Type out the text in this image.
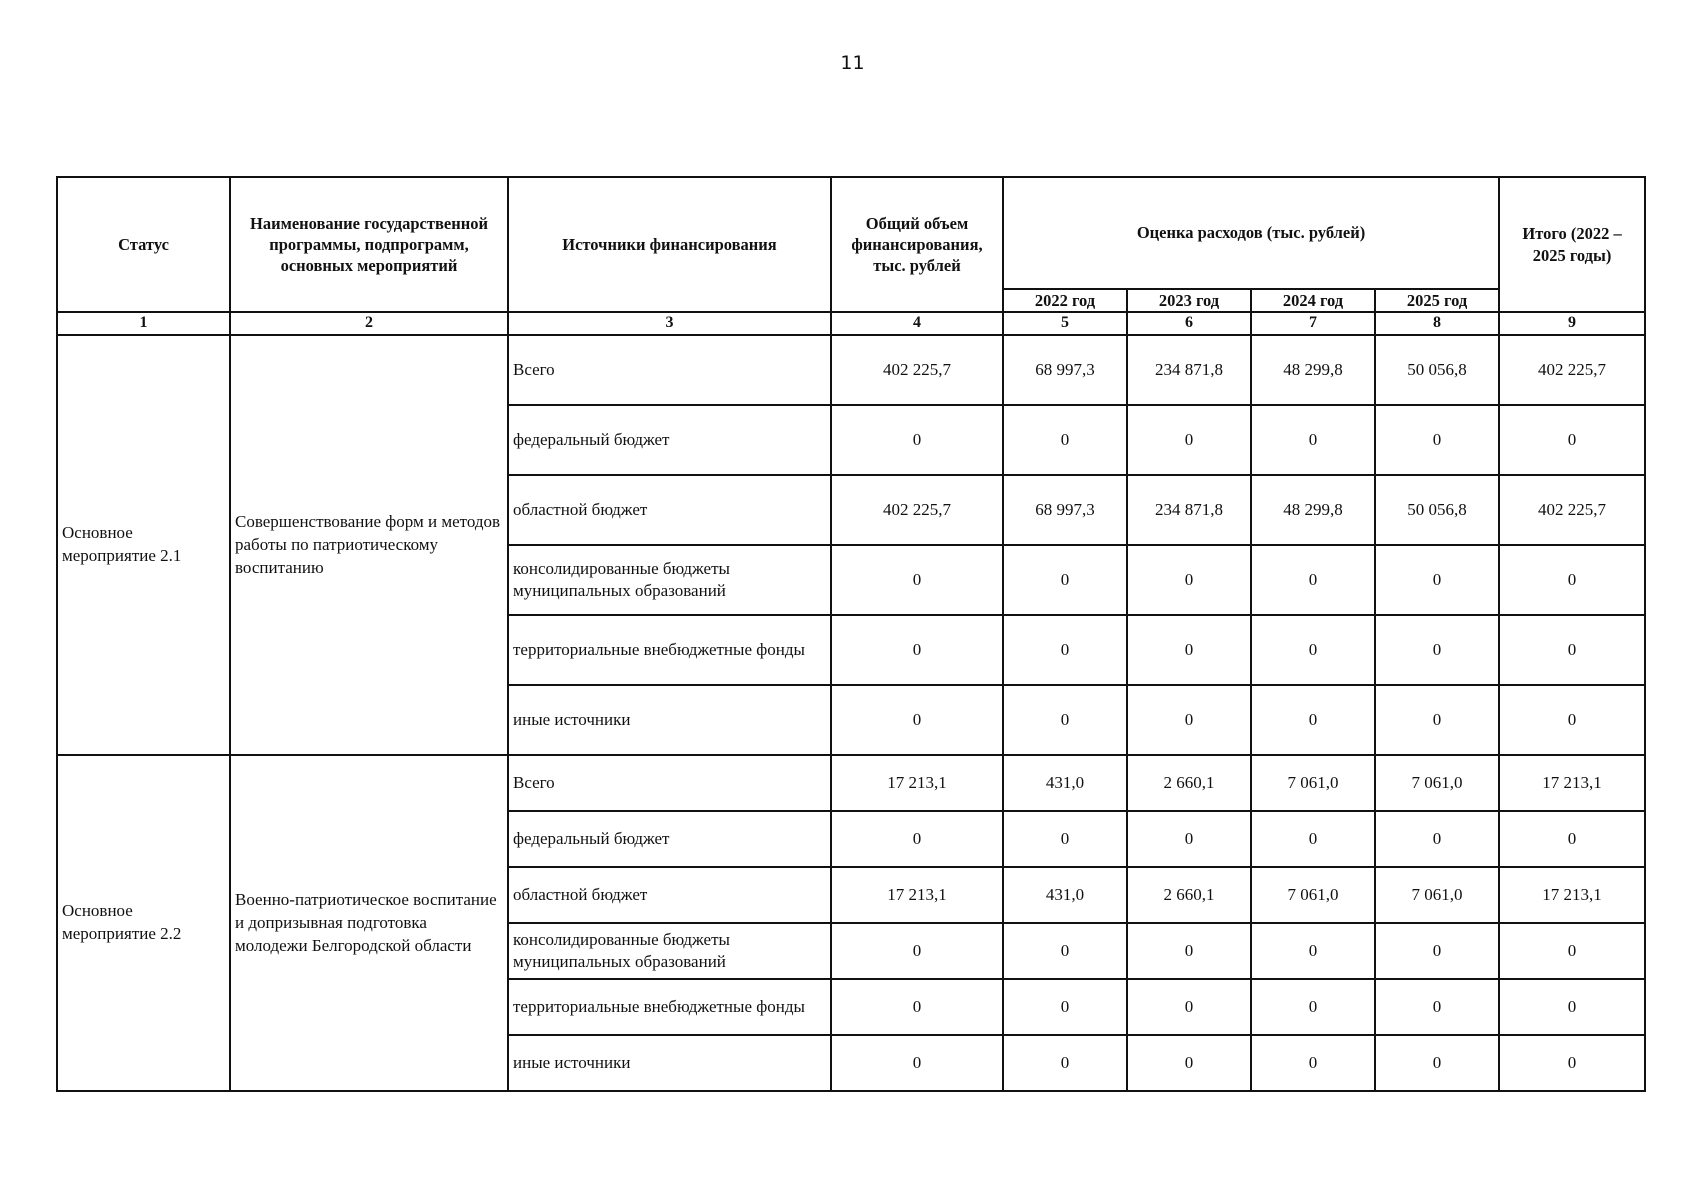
11
Статус	Наименование государственной программы, подпрограмм, основных мероприятий	Источники финансирования	Общий объем финансирования, тыс. рублей	Оценка расходов (тыс. рублей)				Итого (2022 – 2025 годы)
				2022 год	2023 год	2024 год	2025 год	
1	2	3	4	5	6	7	8	9
Основное мероприятие 2.1	Совершенствование форм и методов работы по патриотическому воспитанию	Всего	402 225,7	68 997,3	234 871,8	48 299,8	50 056,8	402 225,7
		федеральный бюджет	0	0	0	0	0	0
		областной бюджет	402 225,7	68 997,3	234 871,8	48 299,8	50 056,8	402 225,7
		консолидированные бюджеты муниципальных образований	0	0	0	0	0	0
		территориальные внебюджетные фонды	0	0	0	0	0	0
		иные источники	0	0	0	0	0	0
Основное мероприятие 2.2	Военно-патриотическое воспитание и допризывная подготовка молодежи Белгородской области	Всего	17 213,1	431,0	2 660,1	7 061,0	7 061,0	17 213,1
		федеральный бюджет	0	0	0	0	0	0
		областной бюджет	17 213,1	431,0	2 660,1	7 061,0	7 061,0	17 213,1
		консолидированные бюджеты муниципальных образований	0	0	0	0	0	0
		территориальные внебюджетные фонды	0	0	0	0	0	0
		иные источники	0	0	0	0	0	0
